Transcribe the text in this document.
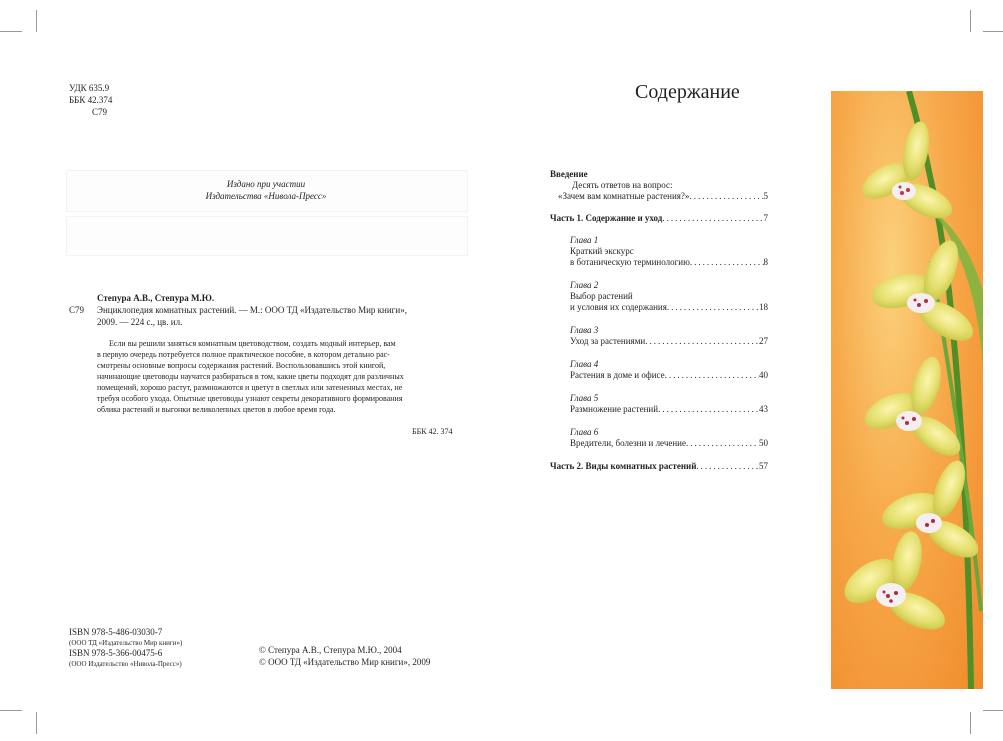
УДК 635.9
ББК 42.374
С79
Издано при участии
Издательства «Нивола-Пресс»
Степура А.В., Степура М.Ю.
С79 Энциклопедия комнатных растений. — М.: ООО ТД «Издательство Мир книги»,
2009. — 224 с., цв. ил.
Если вы решили заняться комнатным цветоводством, создать модный интерьер, вам
в первую очередь потребуется полное практическое пособие, в котором детально рас-
смотрены основные вопросы содержания растений. Воспользовавшись этой книгой,
начинающие цветоводы научатся разбираться в том, какие цветы подходят для различных
помещений, хорошо растут, размножаются и цветут в светлых или затененных местах, не
требуя особого ухода. Опытные цветоводы узнают секреты декоративного формирования
облика растений и выгонки великолепных цветов в любое время года.
ББК 42. 374
ISBN 978-5-486-03030-7
(ООО ТД «Издательство Мир книги»)
ISBN 978-5-366-00475-6
(ООО Издательство «Нивола-Пресс»)
© Степура А.В., Степура М.Ю., 2004
© ООО ТД «Издательство Мир книги», 2009
Содержание
Введение
Десять ответов на вопрос:
«Зачем вам комнатные растения?» .....	5
Часть 1. Содержание и уход .....	7
Глава 1
Краткий экскурс
в ботаническую терминологию .....	8
Глава 2
Выбор растений
и условия их содержания .....	18
Глава 3
Уход за растениями .....	27
Глава 4
Растения в доме и офисе .....	40
Глава 5
Размножение растений .....	43
Глава 6
Вредители, болезни и лечение .....	50
Часть 2. Виды комнатных растений .....	57
